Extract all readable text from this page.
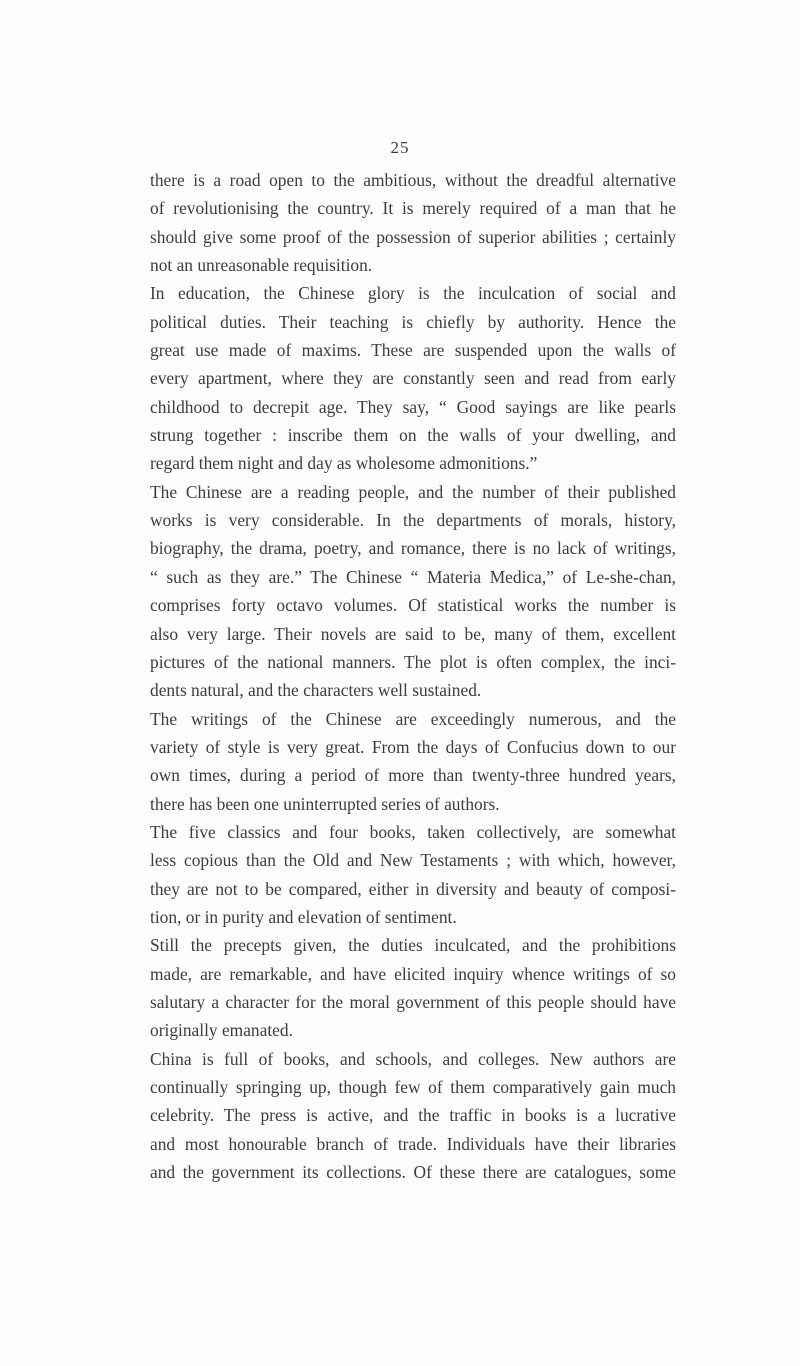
25
there is a road open to the ambitious, without the dreadful alternative
of revolutionising the country. It is merely required of a man that he
should give some proof of the possession of superior abilities ; certainly
not an unreasonable requisition.
In education, the Chinese glory is the inculcation of social and
political duties. Their teaching is chiefly by authority. Hence the
great use made of maxims. These are suspended upon the walls of
every apartment, where they are constantly seen and read from early
childhood to decrepit age. They say, “ Good sayings are like pearls
strung together : inscribe them on the walls of your dwelling, and
regard them night and day as wholesome admonitions.”
The Chinese are a reading people, and the number of their published
works is very considerable. In the departments of morals, history,
biography, the drama, poetry, and romance, there is no lack of writings,
“ such as they are.” The Chinese “ Materia Medica,” of Le-she-chan,
comprises forty octavo volumes. Of statistical works the number is
also very large. Their novels are said to be, many of them, excellent
pictures of the national manners. The plot is often complex, the inci-
dents natural, and the characters well sustained.
The writings of the Chinese are exceedingly numerous, and the
variety of style is very great. From the days of Confucius down to our
own times, during a period of more than twenty-three hundred years,
there has been one uninterrupted series of authors.
The five classics and four books, taken collectively, are somewhat
less copious than the Old and New Testaments ; with which, however,
they are not to be compared, either in diversity and beauty of composi-
tion, or in purity and elevation of sentiment.
Still the precepts given, the duties inculcated, and the prohibitions
made, are remarkable, and have elicited inquiry whence writings of so
salutary a character for the moral government of this people should have
originally emanated.
China is full of books, and schools, and colleges. New authors are
continually springing up, though few of them comparatively gain much
celebrity. The press is active, and the traffic in books is a lucrative
and most honourable branch of trade. Individuals have their libraries
and the government its collections. Of these there are catalogues, some
